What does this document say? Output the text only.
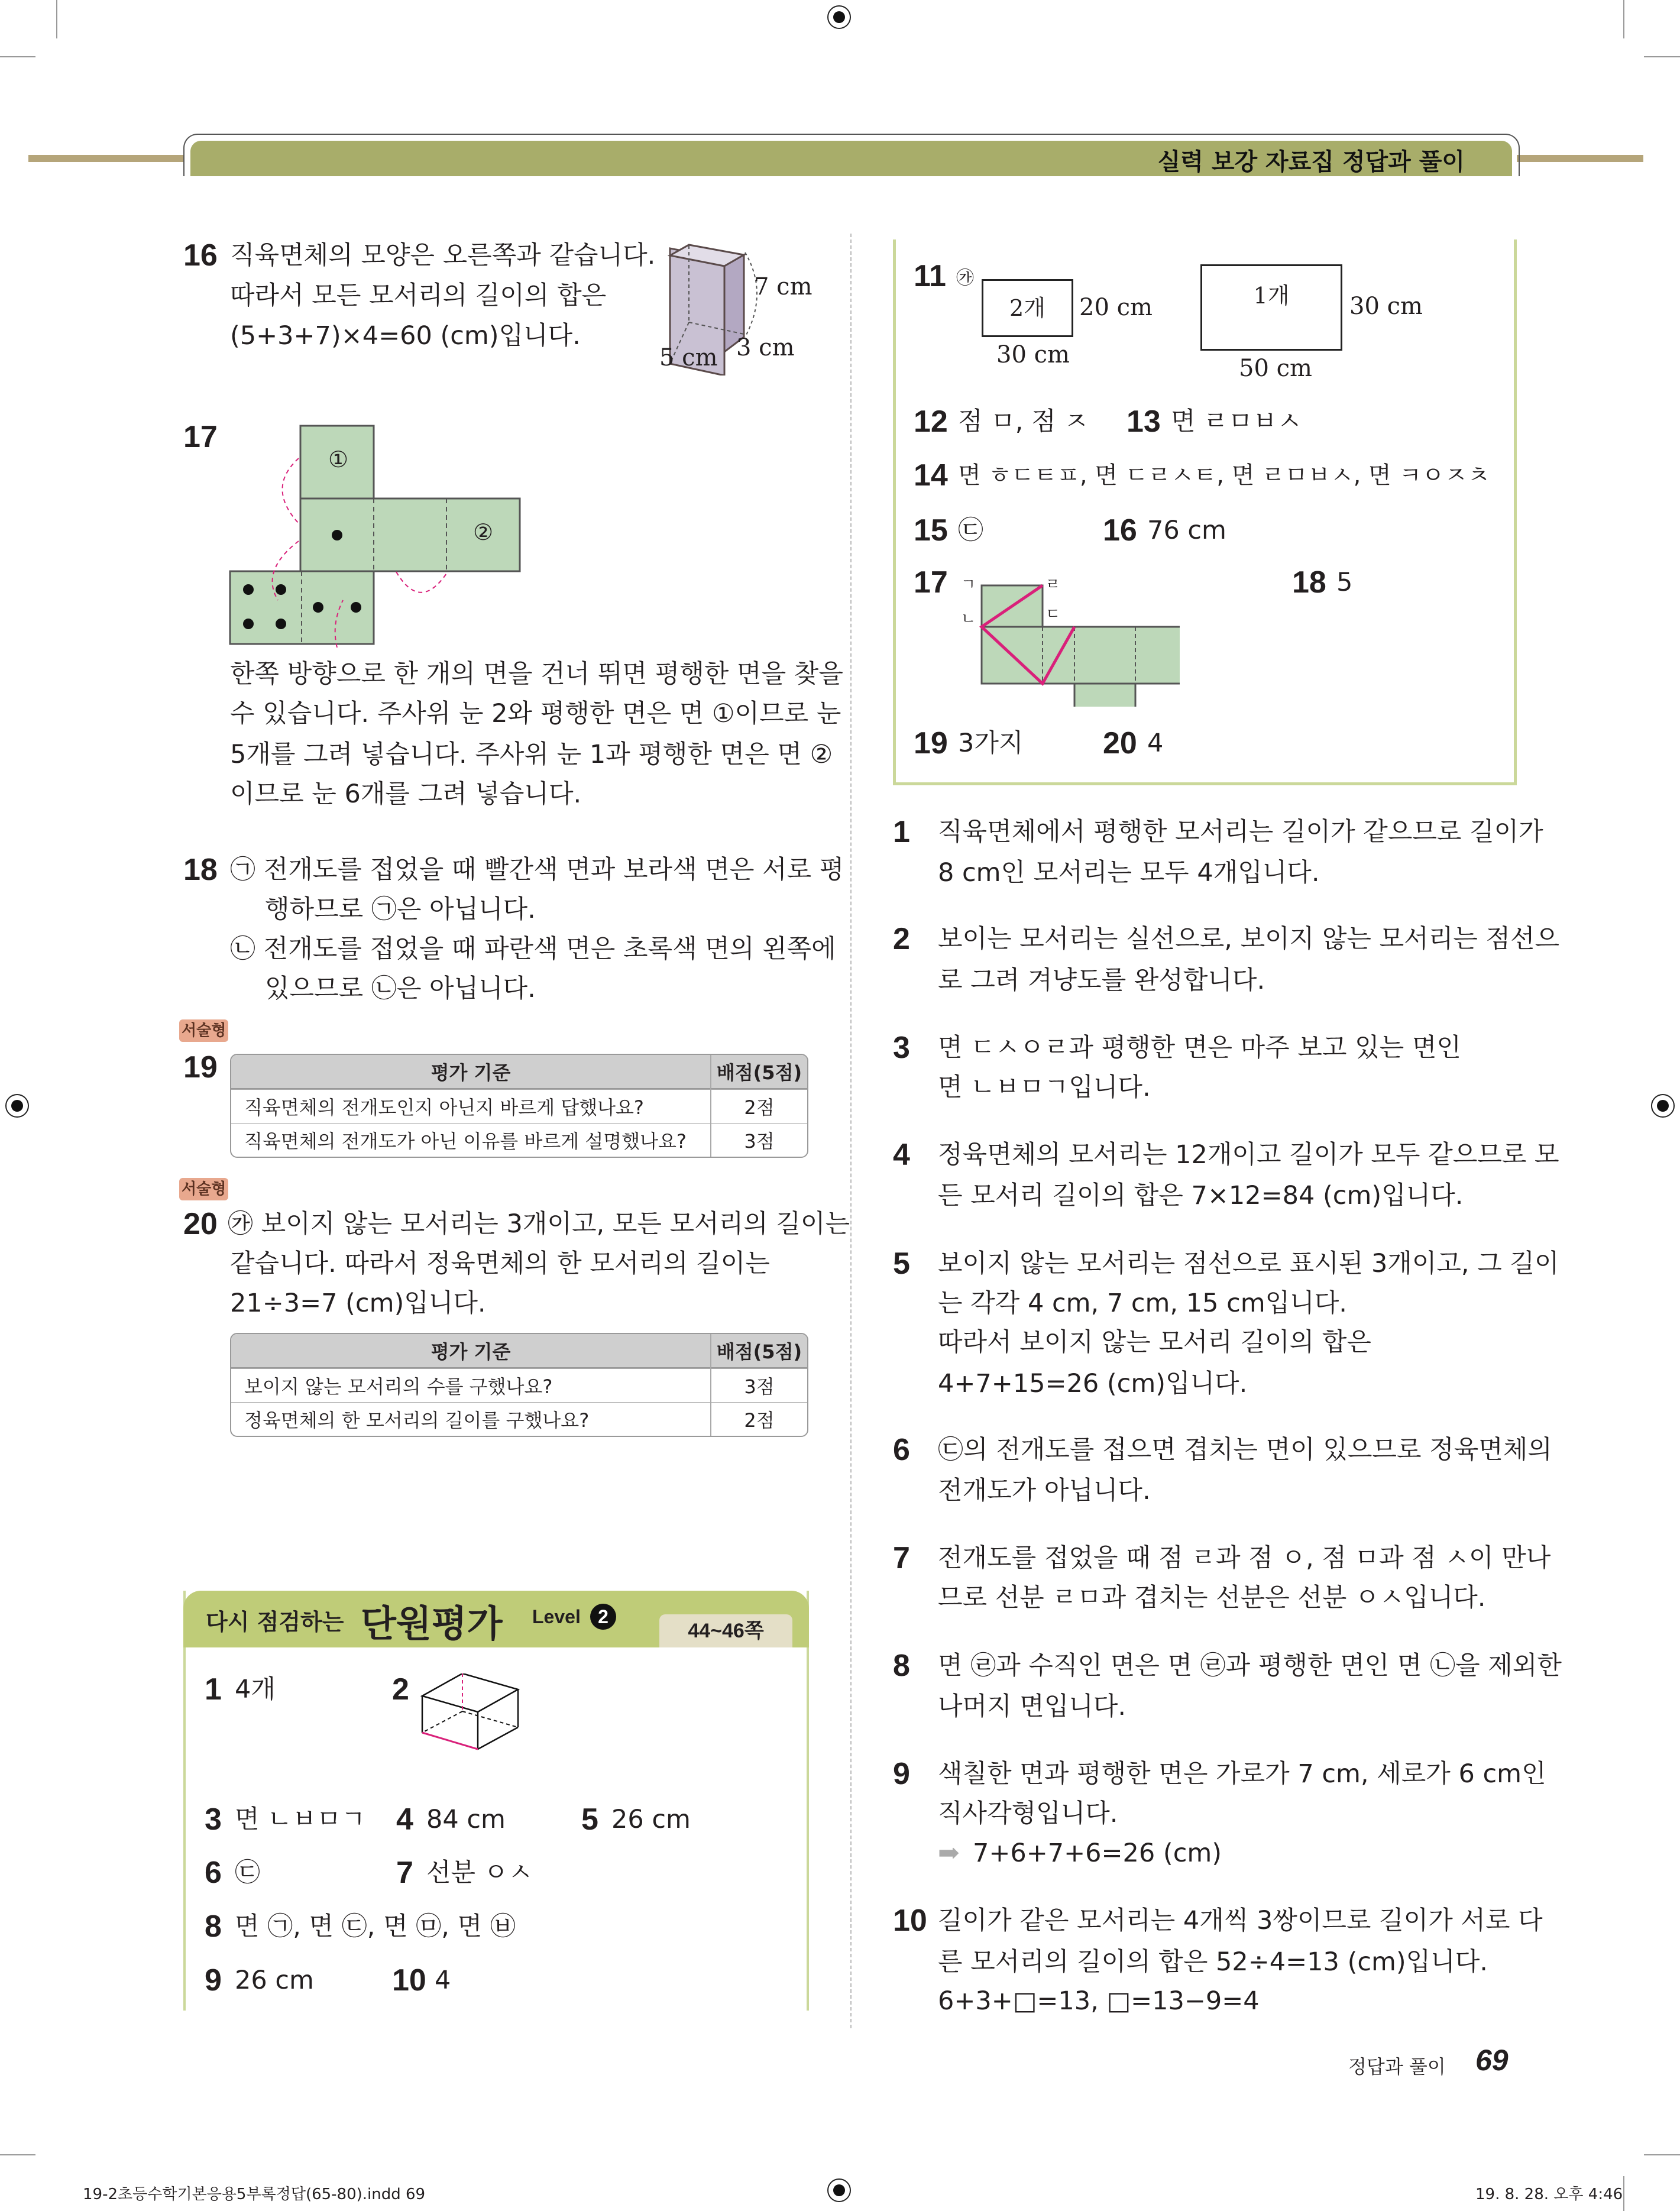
실력 보강 자료집 정답과 풀이
16 직육면체의 모양은 오른쪽과 같습니다.
따라서 모든 모서리의 길이의 합은
(5+3+7)×4=60 (cm)입니다.
7 cm
5 cm 3 cm
17
①
②
한쪽 방향으로 한 개의 면을 건너 뛰면 평행한 면을 찾을
수 있습니다. 주사위 눈 2와 평행한 면은 면 ①이므로 눈
5개를 그려 넣습니다. 주사위 눈 1과 평행한 면은 면 ②
이므로 눈 6개를 그려 넣습니다.
18 ㉠ 전개도를 접었을 때 빨간색 면과 보라색 면은 서로 평
행하므로 ㉠은 아닙니다.
㉡ 전개도를 접었을 때 파란색 면은 초록색 면의 왼쪽에
있으므로 ㉡은 아닙니다.
서술형
19	평가 기준	배점(5점)
직육면체의 전개도인지 아닌지 바르게 답했나요?	2점
직육면체의 전개도가 아닌 이유를 바르게 설명했나요?	3점
서술형
20 ㉮ 보이지 않는 모서리는 3개이고, 모든 모서리의 길이는
같습니다. 따라서 정육면체의 한 모서리의 길이는
21÷3=7 (cm)입니다.
평가 기준	배점(5점)
보이지 않는 모서리의 수를 구했나요?	3점
정육면체의 한 모서리의 길이를 구했나요?	2점
다시 점검하는 단원평가 Level 2
44~46쪽
1 4개	2
3 면 ㄴㅂㅁㄱ 4 84 cm 5 26 cm
6 ㉢	7 선분 ㅇㅅ
8 면 ㉠, 면 ㉢, 면 ㉤, 면 ㉥
9 26 cm	10 4
11 ㉮
2개	20 cm
30 cm
1개	30 cm
50 cm
12 점 ㅁ, 점 ㅈ 13 면 ㄹㅁㅂㅅ
14 면 ㅎㄷㅌㅍ, 면 ㄷㄹㅅㅌ, 면 ㄹㅁㅂㅅ, 면 ㅋㅇㅈㅊ
15 ㉢	16 76 cm
17 ㄱ
ㄴ
ㄹ
ㄷ
18 5
19 3가지	20 4
1 직육면체에서 평행한 모서리는 길이가 같으므로 길이가
8 cm인 모서리는 모두 4개입니다.
2 보이는 모서리는 실선으로, 보이지 않는 모서리는 점선으
로 그려 겨냥도를 완성합니다.
3 면 ㄷㅅㅇㄹ과 평행한 면은 마주 보고 있는 면인
면 ㄴㅂㅁㄱ입니다.
4 정육면체의 모서리는 12개이고 길이가 모두 같으므로 모
든 모서리 길이의 합은 7×12=84 (cm)입니다.
5 보이지 않는 모서리는 점선으로 표시된 3개이고, 그 길이
는 각각 4 cm, 7 cm, 15 cm입니다.
따라서 보이지 않는 모서리 길이의 합은
4+7+15=26 (cm)입니다.
6 ㉢의 전개도를 접으면 겹치는 면이 있으므로 정육면체의
전개도가 아닙니다.
7 전개도를 접었을 때 점 ㄹ과 점 ㅇ, 점 ㅁ과 점 ㅅ이 만나
므로 선분 ㄹㅁ과 겹치는 선분은 선분 ㅇㅅ입니다.
8 면 ㉣과 수직인 면은 면 ㉣과 평행한 면인 면 ㉡을 제외한
나머지 면입니다.
9 색칠한 면과 평행한 면은 가로가 7 cm, 세로가 6 cm인
직사각형입니다.
➡ 7+6+7+6=26 (cm)
10 길이가 같은 모서리는 4개씩 3쌍이므로 길이가 서로 다
른 모서리의 길이의 합은 52÷4=13 (cm)입니다.
6+3+□=13, □=13−9=4
정답과 풀이 69
19-2초등수학기본응용5부록정답(65-80).indd 69	19. 8. 28. 오후 4:46
